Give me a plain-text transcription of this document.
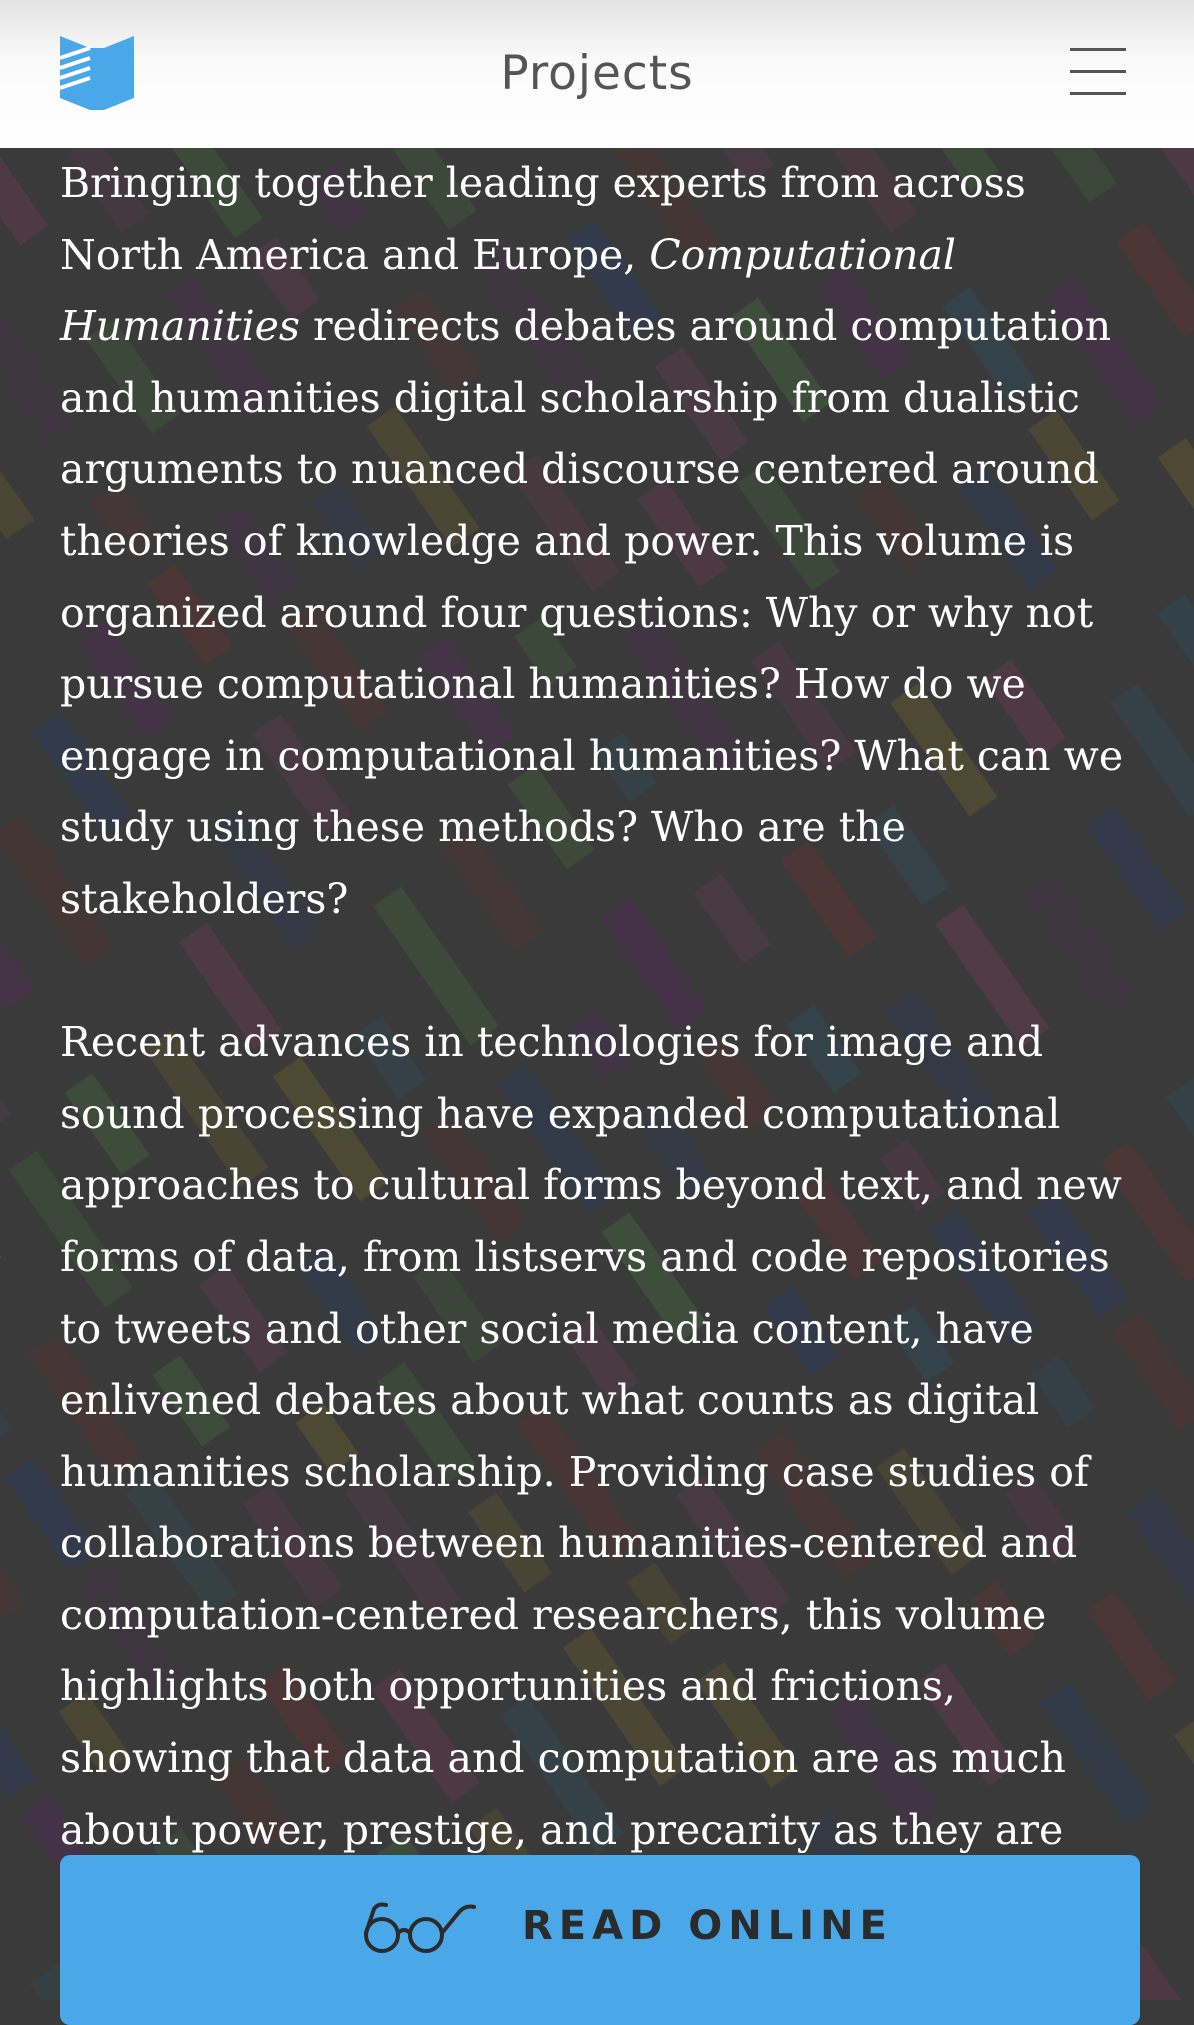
Projects

Bringing together leading experts from across North America and Europe, Computational Humanities redirects debates around computation and humanities digital scholarship from dualistic arguments to nuanced discourse centered around theories of knowledge and power. This volume is organized around four questions: Why or why not pursue computational humanities? How do we engage in computational humanities? What can we study using these methods? Who are the stakeholders?

Recent advances in technologies for image and sound processing have expanded computational approaches to cultural forms beyond text, and new forms of data, from listservs and code repositories to tweets and other social media content, have enlivened debates about what counts as digital humanities scholarship. Providing case studies of collaborations between humanities-centered and computation-centered researchers, this volume highlights both opportunities and frictions, showing that data and computation are as much about power, prestige, and precarity as they are

READ ONLINE
